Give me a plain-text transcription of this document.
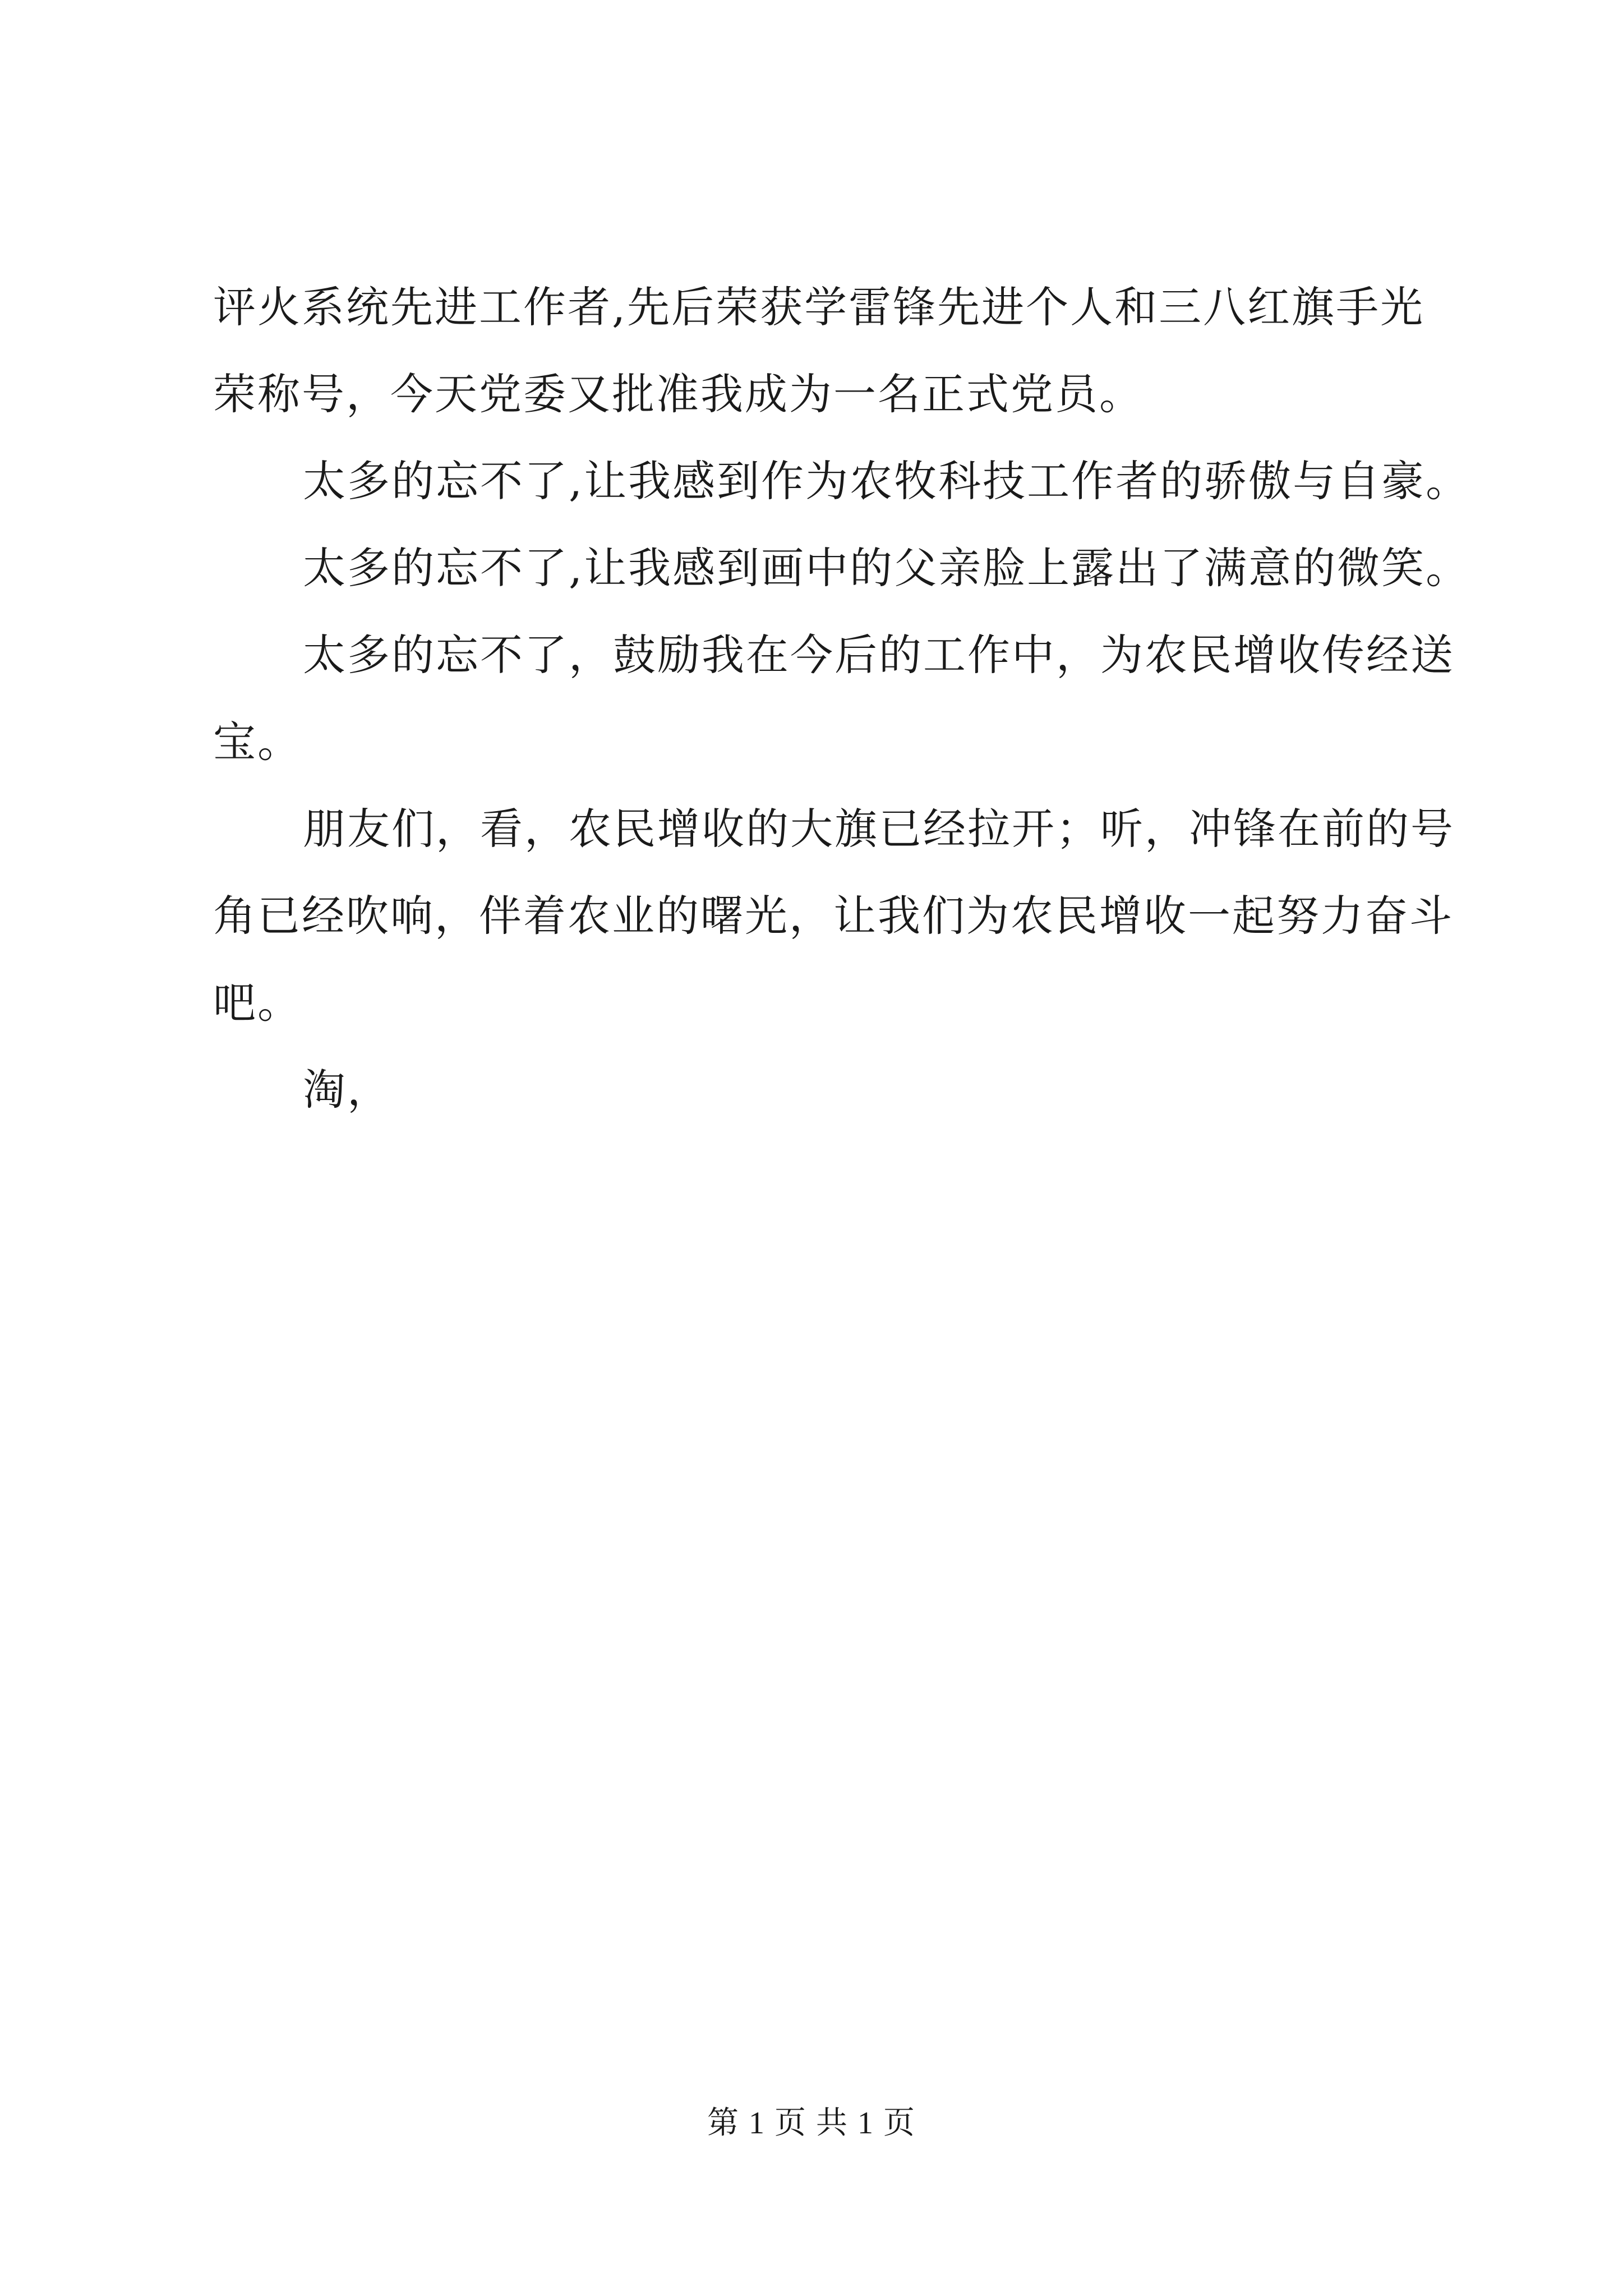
评火系统先进工作者,先后荣获学雷锋先进个人和三八红旗手光
荣称号，今天党委又批准我成为一名正式党员。
太多的忘不了,让我感到作为农牧科技工作者的骄傲与自豪。
太多的忘不了,让我感到画中的父亲脸上露出了满意的微笑。
太多的忘不了，鼓励我在今后的工作中，为农民增收传经送
宝。
朋友们，看，农民增收的大旗已经拉开；听，冲锋在前的号
角已经吹响，伴着农业的曙光，让我们为农民增收一起努力奋斗
吧。
淘，
第 1 页 共 1 页
